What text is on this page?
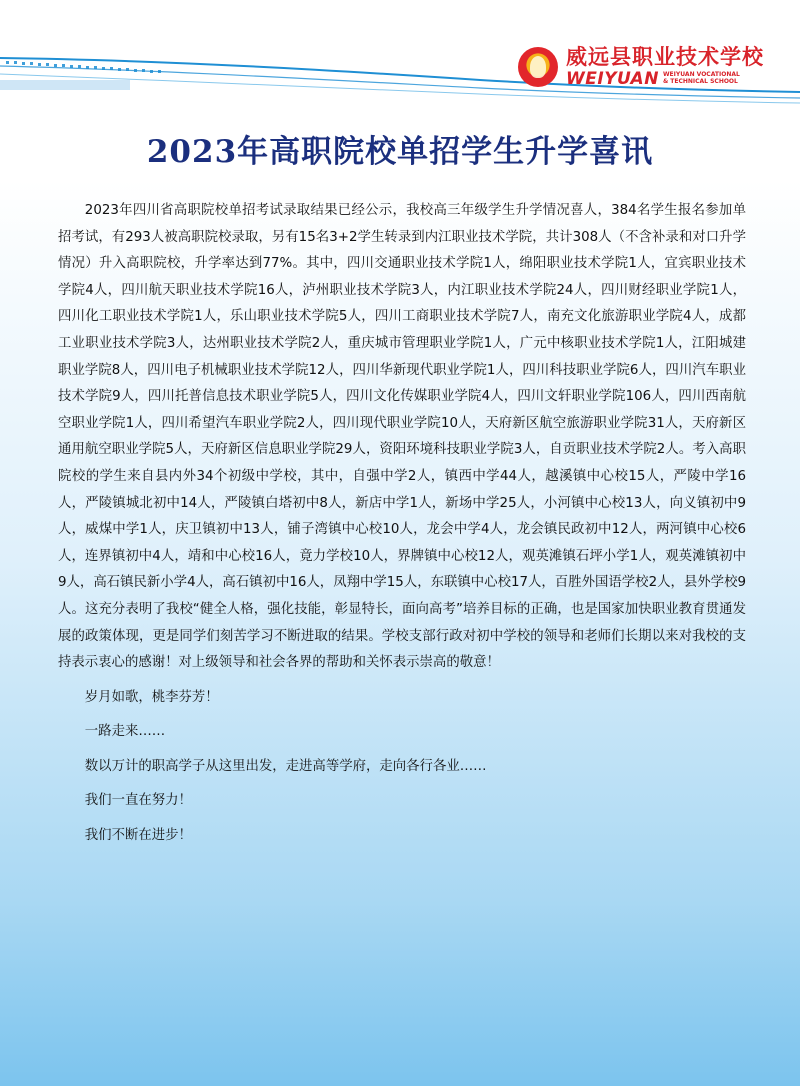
威远县职业技术学校
WEIYUAN WEIYUAN VOCATIONAL & TECHNICAL SCHOOL
2023年高职院校单招学生升学喜讯

2023年四川省高职院校单招考试录取结果已经公示，我校高三年级学生升学情况喜人，384名学生报名参加单招考试，有293人被高职院校录取，另有15名3+2学生转录到内江职业技术学院，共计308人（不含补录和对口升学情况）升入高职院校，升学率达到77%。其中，四川交通职业技术学院1人，绵阳职业技术学院1人，宜宾职业技术学院4人，四川航天职业技术学院16人，泸州职业技术学院3人，内江职业技术学院24人，四川财经职业学院1人，四川化工职业技术学院1人，乐山职业技术学院5人，四川工商职业技术学院7人，南充文化旅游职业学院4人，成都工业职业技术学院3人，达州职业技术学院2人，重庆城市管理职业学院1人，广元中核职业技术学院1人，江阳城建职业学院8人，四川电子机械职业技术学院12人，四川华新现代职业学院1人，四川科技职业学院6人，四川汽车职业技术学院9人，四川托普信息技术职业学院5人，四川文化传媒职业学院4人，四川文轩职业学院106人，四川西南航空职业学院1人，四川希望汽车职业学院2人，四川现代职业学院10人，天府新区航空旅游职业学院31人，天府新区通用航空职业学院5人，天府新区信息职业学院29人，资阳环境科技职业学院3人，自贡职业技术学院2人。考入高职院校的学生来自县内外34个初级中学校，其中，自强中学2人，镇西中学44人，越溪镇中心校15人，严陵中学16人，严陵镇城北初中14人，严陵镇白塔初中8人，新店中学1人，新场中学25人，小河镇中心校13人，向义镇初中9人，威煤中学1人，庆卫镇初中13人，铺子湾镇中心校10人，龙会中学4人，龙会镇民政初中12人，两河镇中心校6人，连界镇初中4人，靖和中心校16人，竟力学校10人，界牌镇中心校12人，观英滩镇石坪小学1人，观英滩镇初中9人，高石镇民新小学4人，高石镇初中16人，凤翔中学15人，东联镇中心校17人，百胜外国语学校2人，县外学校9人。这充分表明了我校“健全人格，强化技能，彰显特长，面向高考”培养目标的正确，也是国家加快职业教育贯通发展的政策体现，更是同学们刻苦学习不断进取的结果。学校支部行政对初中学校的领导和老师们长期以来对我校的支持表示衷心的感谢！对上级领导和社会各界的帮助和关怀表示崇高的敬意！

岁月如歌，桃李芬芳！

一路走来……

数以万计的职高学子从这里出发，走进高等学府，走向各行各业……

我们一直在努力！

我们不断在进步！
